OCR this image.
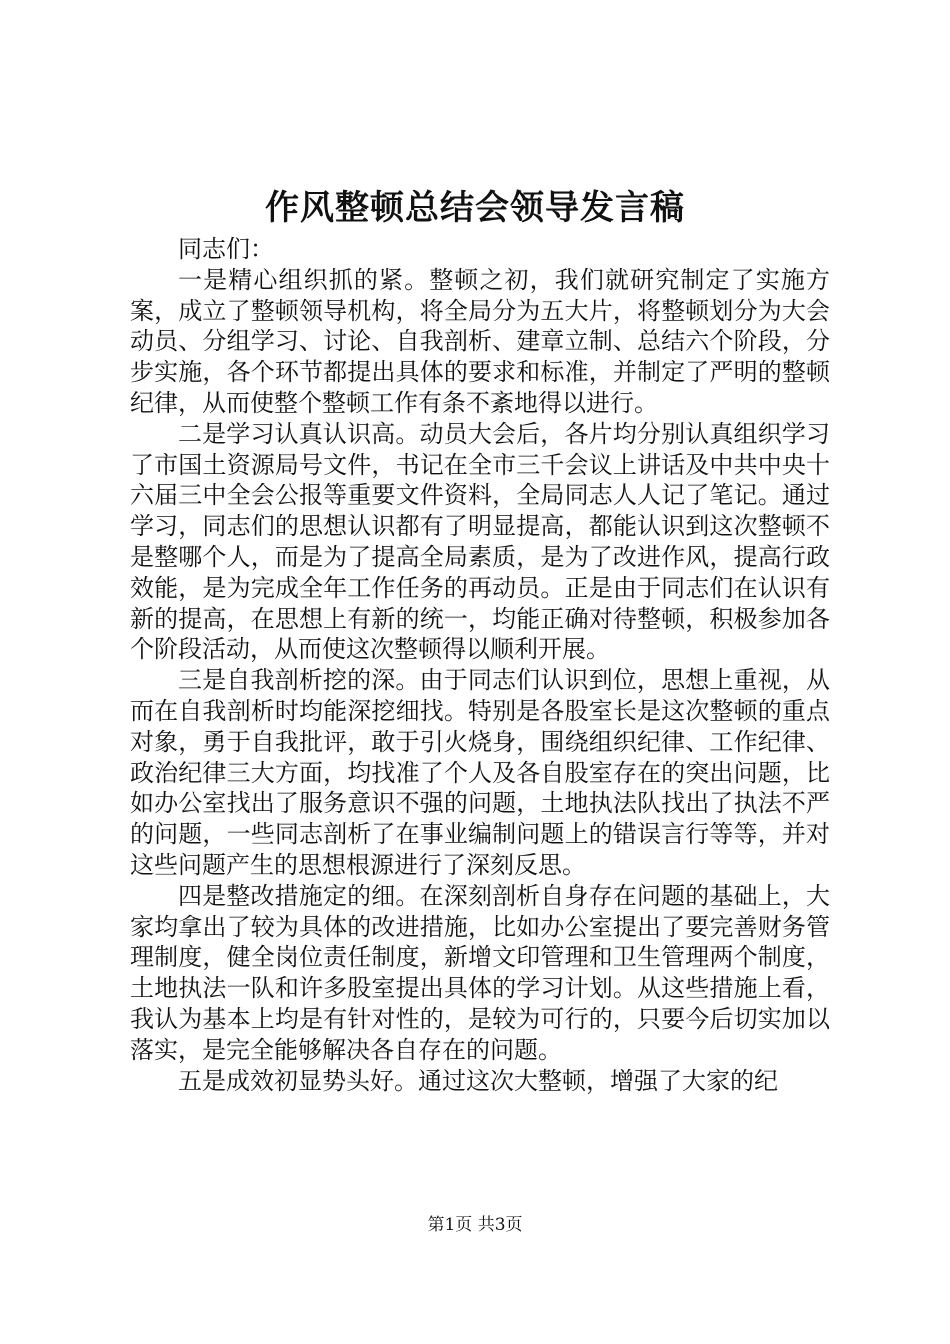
作风整顿总结会领导发言稿

同志们：

一是精心组织抓的紧。整顿之初，我们就研究制定了实施方案，成立了整顿领导机构，将全局分为五大片，将整顿划分为大会动员、分组学习、讨论、自我剖析、建章立制、总结六个阶段，分步实施，各个环节都提出具体的要求和标准，并制定了严明的整顿纪律，从而使整个整顿工作有条不紊地得以进行。

二是学习认真认识高。动员大会后，各片均分别认真组织学习了市国土资源局号文件，书记在全市三千会议上讲话及中共中央十六届三中全会公报等重要文件资料，全局同志人人记了笔记。通过学习，同志们的思想认识都有了明显提高，都能认识到这次整顿不是整哪个人，而是为了提高全局素质，是为了改进作风，提高行政效能，是为完成全年工作任务的再动员。正是由于同志们在认识有新的提高，在思想上有新的统一，均能正确对待整顿，积极参加各个阶段活动，从而使这次整顿得以顺利开展。

三是自我剖析挖的深。由于同志们认识到位，思想上重视，从而在自我剖析时均能深挖细找。特别是各股室长是这次整顿的重点对象，勇于自我批评，敢于引火烧身，围绕组织纪律、工作纪律、政治纪律三大方面，均找准了个人及各自股室存在的突出问题，比如办公室找出了服务意识不强的问题，土地执法队找出了执法不严的问题，一些同志剖析了在事业编制问题上的错误言行等等，并对这些问题产生的思想根源进行了深刻反思。

四是整改措施定的细。在深刻剖析自身存在问题的基础上，大家均拿出了较为具体的改进措施，比如办公室提出了要完善财务管理制度，健全岗位责任制度，新增文印管理和卫生管理两个制度，土地执法一队和许多股室提出具体的学习计划。从这些措施上看，我认为基本上均是有针对性的，是较为可行的，只要今后切实加以落实，是完全能够解决各自存在的问题。

五是成效初显势头好。通过这次大整顿，增强了大家的纪

第1页 共3页
